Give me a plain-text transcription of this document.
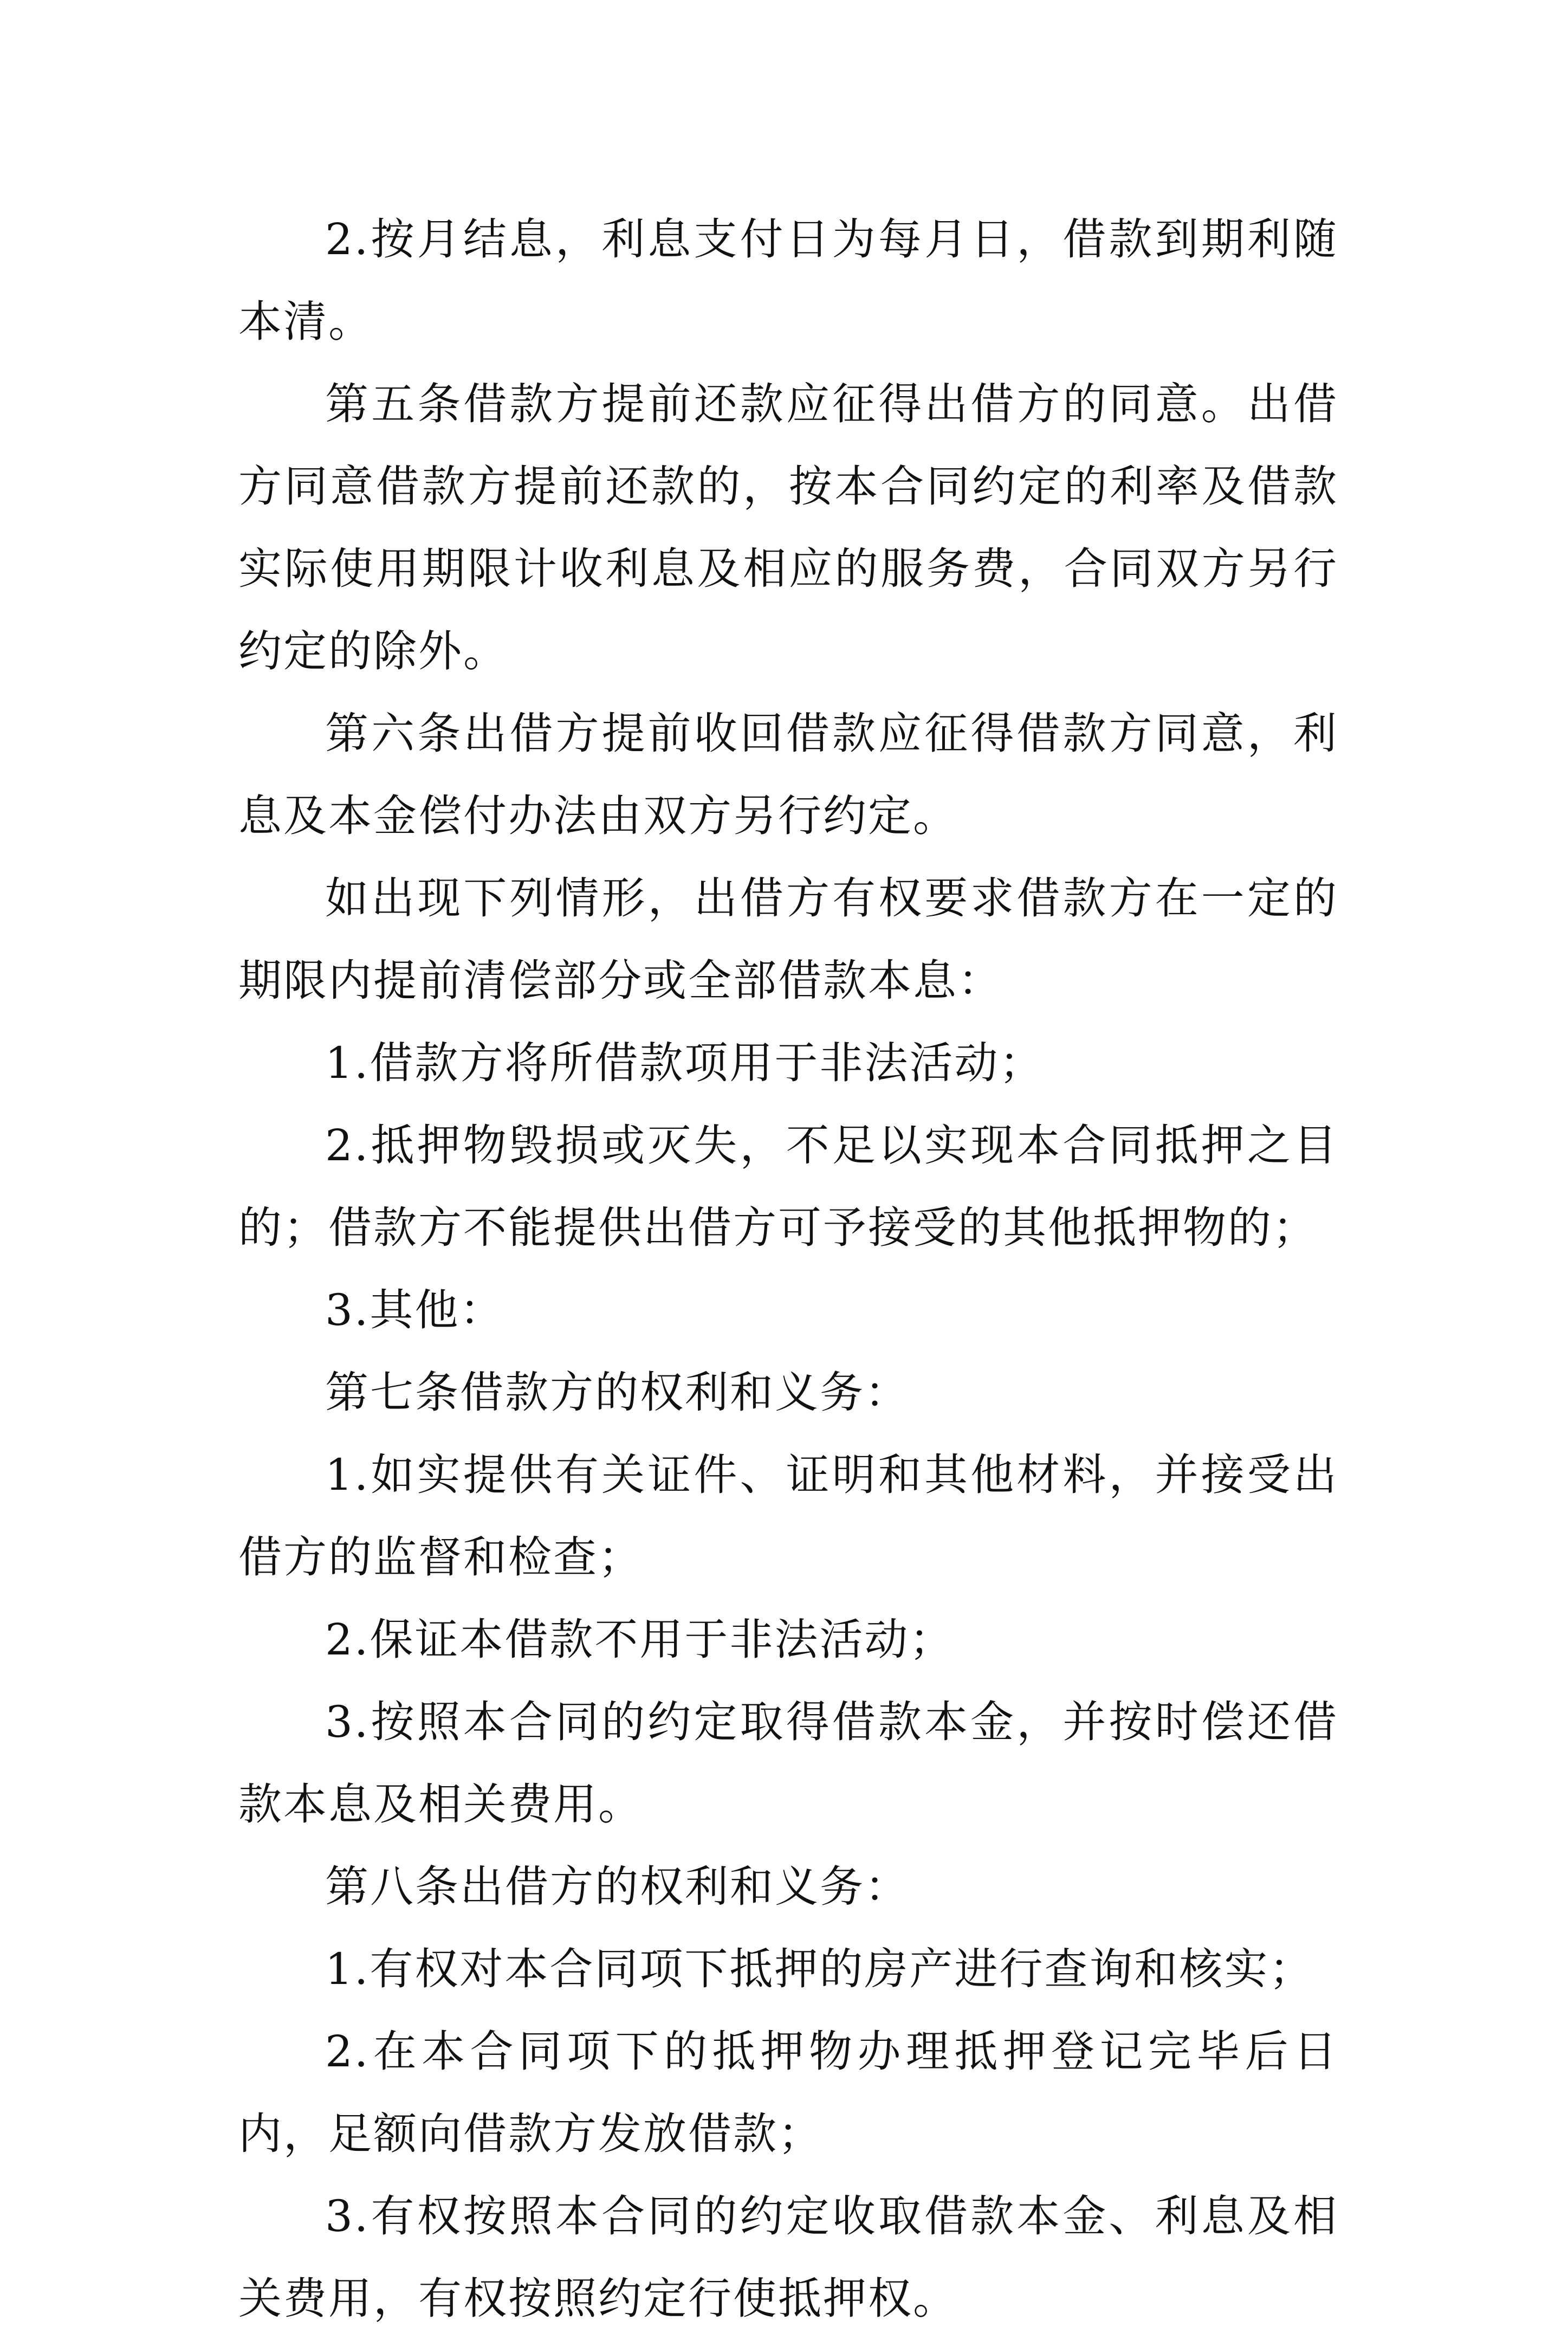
2.按月结息，利息支付日为每月日，借款到期利随本清。

第五条借款方提前还款应征得出借方的同意。出借方同意借款方提前还款的，按本合同约定的利率及借款实际使用期限计收利息及相应的服务费，合同双方另行约定的除外。

第六条出借方提前收回借款应征得借款方同意，利息及本金偿付办法由双方另行约定。

如出现下列情形，出借方有权要求借款方在一定的期限内提前清偿部分或全部借款本息：

1.借款方将所借款项用于非法活动；

2.抵押物毁损或灭失，不足以实现本合同抵押之目的；借款方不能提供出借方可予接受的其他抵押物的；

3.其他：

第七条借款方的权利和义务：

1.如实提供有关证件、证明和其他材料，并接受出借方的监督和检查；

2.保证本借款不用于非法活动；

3.按照本合同的约定取得借款本金，并按时偿还借款本息及相关费用。

第八条出借方的权利和义务：

1.有权对本合同项下抵押的房产进行查询和核实；

2.在本合同项下的抵押物办理抵押登记完毕后日内，足额向借款方发放借款；

3.有权按照本合同的约定收取借款本金、利息及相关费用，有权按照约定行使抵押权。
